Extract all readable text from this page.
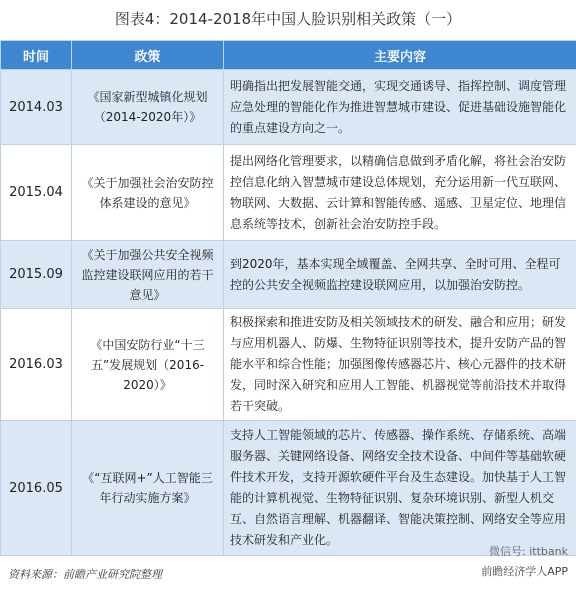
图表4：2014-2018年中国人脸识别相关政策（一）
时间	政策	主要内容
2014.03	《国家新型城镇化规划（2014-2020年）》	明确指出把发展智能交通，实现交通诱导、指挥控制、调度管理应急处理的智能化作为推进智慧城市建设、促进基础设施智能化的重点建设方向之一。
2015.04	《关于加强社会治安防控体系建设的意见》	提出网络化管理要求，以精确信息做到矛盾化解，将社会治安防控信息化纳入智慧城市建设总体规划，充分运用新一代互联网、物联网、大数据、云计算和智能传感、遥感、卫星定位、地理信息系统等技术，创新社会治安防控手段。
2015.09	《关于加强公共安全视频监控建设联网应用的若干意见》	到2020年，基本实现全域覆盖、全网共享、全时可用、全程可控的公共安全视频监控建设联网应用，以加强治安防控。
2016.03	《中国安防行业“十三五”发展规划（2016-2020）》	积极探索和推进安防及相关领域技术的研发、融合和应用；研发与应用机器人、防爆、生物特征识别等技术，提升安防产品的智能水平和综合性能；加强图像传感器芯片、核心元器件的技术研发，同时深入研究和应用人工智能、机器视觉等前沿技术并取得若干突破。
2016.05	《“互联网+”人工智能三年行动实施方案》	支持人工智能领域的芯片、传感器、操作系统、存储系统、高端服务器、关键网络设备、网络安全技术设备、中间件等基础软硬件技术开发，支持开源软硬件平台及生态建设。加快基于人工智能的计算机视觉、生物特征识别、复杂环境识别、新型人机交互、自然语言理解、机器翻译、智能决策控制、网络安全等应用技术研发和产业化。
微信号: ittbank
前瞻经济学人APP
资料来源：前瞻产业研究院整理
